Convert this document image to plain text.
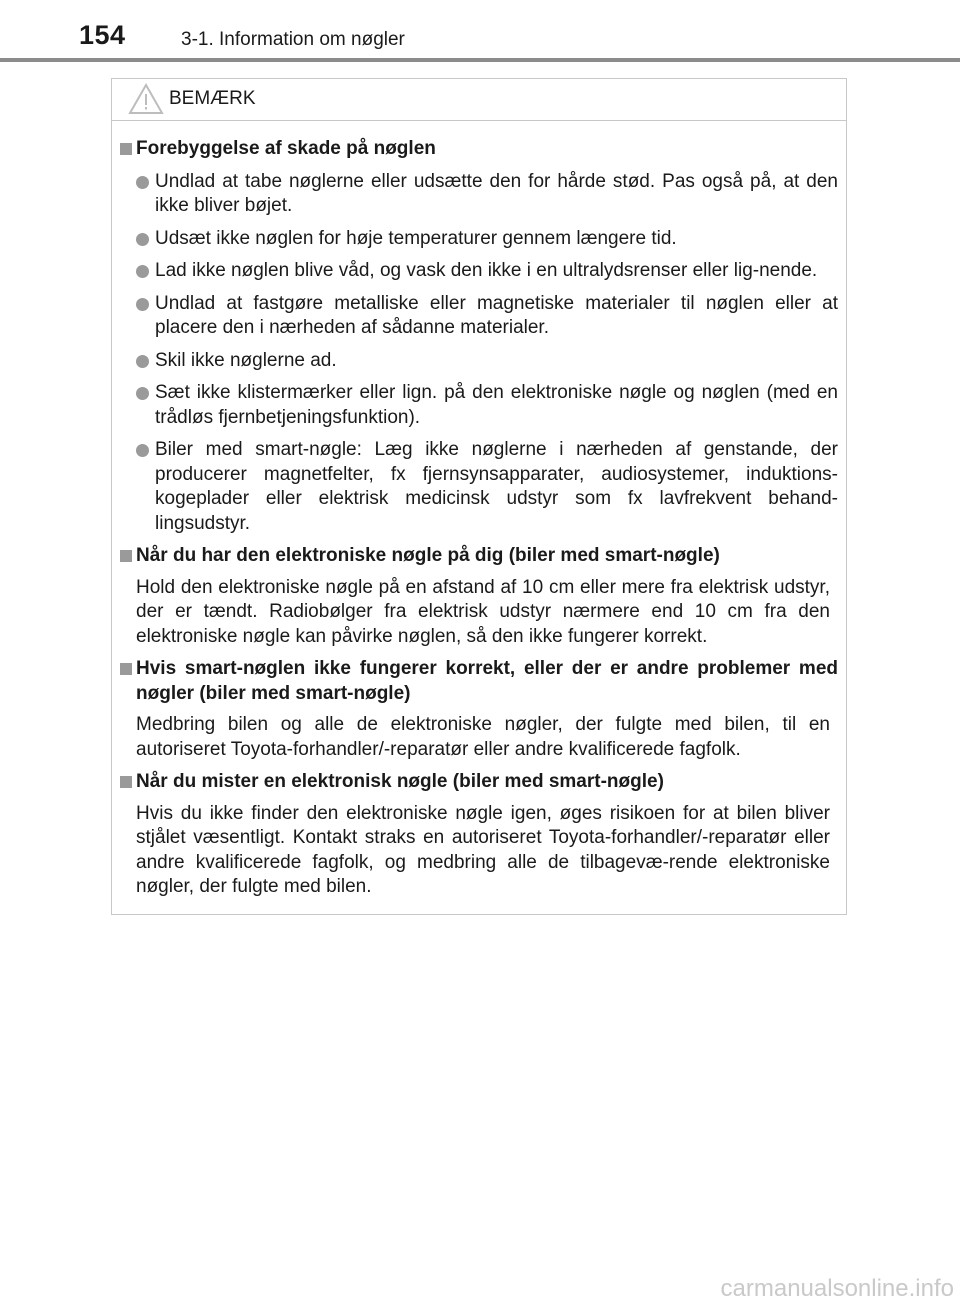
154	3-1. Information om nøgler
BEMÆRK
Forebyggelse af skade på nøglen
Undlad at tabe nøglerne eller udsætte den for hårde stød. Pas også på, at den ikke bliver bøjet.
Udsæt ikke nøglen for høje temperaturer gennem længere tid.
Lad ikke nøglen blive våd, og vask den ikke i en ultralydsrenser eller lig-nende.
Undlad at fastgøre metalliske eller magnetiske materialer til nøglen eller at placere den i nærheden af sådanne materialer.
Skil ikke nøglerne ad.
Sæt ikke klistermærker eller lign. på den elektroniske nøgle og nøglen (med en trådløs fjernbetjeningsfunktion).
Biler med smart-nøgle: Læg ikke nøglerne i nærheden af genstande, der producerer magnetfelter, fx fjernsynsapparater, audiosystemer, induktions-kogeplader eller elektrisk medicinsk udstyr som fx lavfrekvent behand-lingsudstyr.
Når du har den elektroniske nøgle på dig (biler med smart-nøgle)
Hold den elektroniske nøgle på en afstand af 10 cm eller mere fra elektrisk udstyr, der er tændt. Radiobølger fra elektrisk udstyr nærmere end 10 cm fra den elektroniske nøgle kan påvirke nøglen, så den ikke fungerer korrekt.
Hvis smart-nøglen ikke fungerer korrekt, eller der er andre problemer med nøgler (biler med smart-nøgle)
Medbring bilen og alle de elektroniske nøgler, der fulgte med bilen, til en autoriseret Toyota-forhandler/-reparatør eller andre kvalificerede fagfolk.
Når du mister en elektronisk nøgle (biler med smart-nøgle)
Hvis du ikke finder den elektroniske nøgle igen, øges risikoen for at bilen bliver stjålet væsentligt. Kontakt straks en autoriseret Toyota-forhandler/-reparatør eller andre kvalificerede fagfolk, og medbring alle de tilbagevæ-rende elektroniske nøgler, der fulgte med bilen.
carmanualsonline.info
